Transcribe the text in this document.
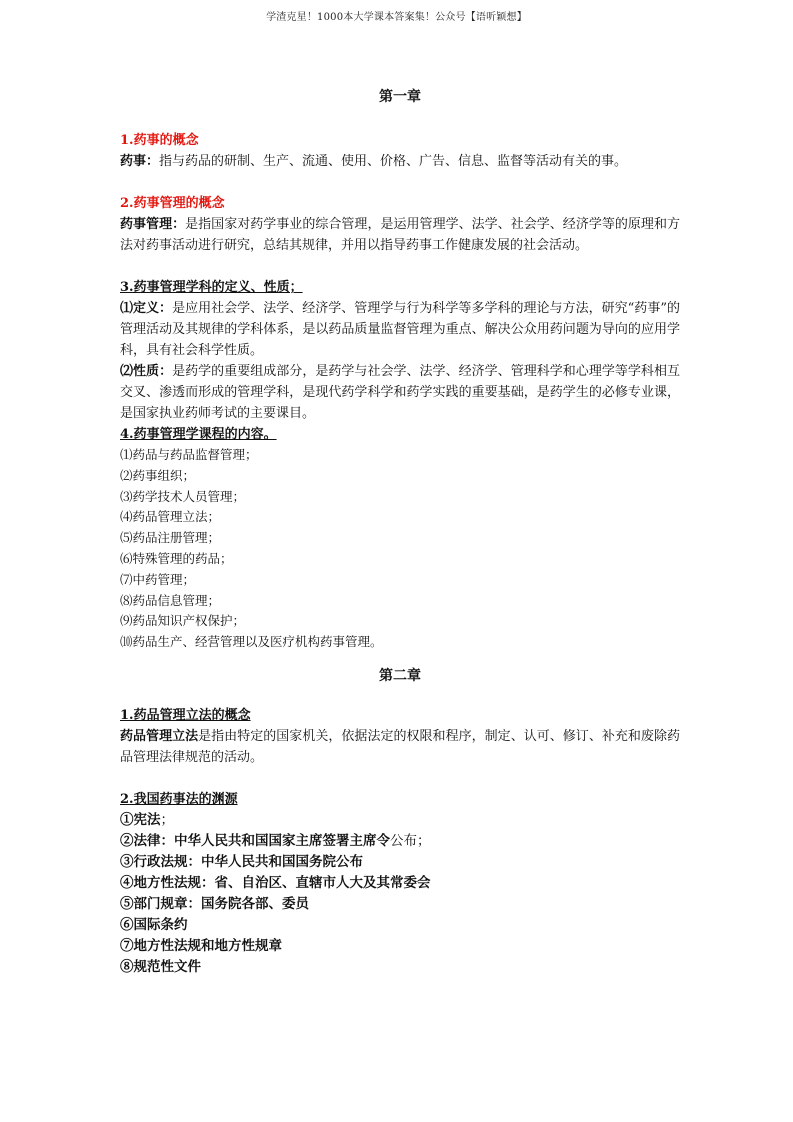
学渣克星！1000本大学课本答案集！公众号【语听颖想】
第一章
1.药事的概念

药事：指与药品的研制、生产、流通、使用、价格、广告、信息、监督等活动有关的事。

2.药事管理的概念

药事管理：是指国家对药学事业的综合管理，是运用管理学、法学、社会学、经济学等的原理和方法对药事活动进行研究，总结其规律，并用以指导药事工作健康发展的社会活动。

3.药事管理学科的定义、性质；

⑴定义：是应用社会学、法学、经济学、管理学与行为科学等多学科的理论与方法，研究“药事”的管理活动及其规律的学科体系，是以药品质量监督管理为重点、解决公众用药问题为导向的应用学科，具有社会科学性质。

⑵性质：是药学的重要组成部分，是药学与社会学、法学、经济学、管理科学和心理学等学科相互交叉、渗透而形成的管理学科，是现代药学科学和药学实践的重要基础，是药学生的必修专业课，是国家执业药师考试的主要课目。

4.药事管理学课程的内容。
⑴药品与药品监督管理；
⑵药事组织；
⑶药学技术人员管理；
⑷药品管理立法；
⑸药品注册管理；
⑹特殊管理的药品；
⑺中药管理；
⑻药品信息管理；
⑼药品知识产权保护；
⑽药品生产、经营管理以及医疗机构药事管理。
第二章
1.药品管理立法的概念

药品管理立法是指由特定的国家机关，依据法定的权限和程序，制定、认可、修订、补充和废除药品管理法律规范的活动。

2.我国药事法的渊源
①宪法；
②法律：中华人民共和国国家主席签署主席令公布；
③行政法规：中华人民共和国国务院公布
④地方性法规：省、自治区、直辖市人大及其常委会
⑤部门规章：国务院各部、委员
⑥国际条约
⑦地方性法规和地方性规章
⑧规范性文件
